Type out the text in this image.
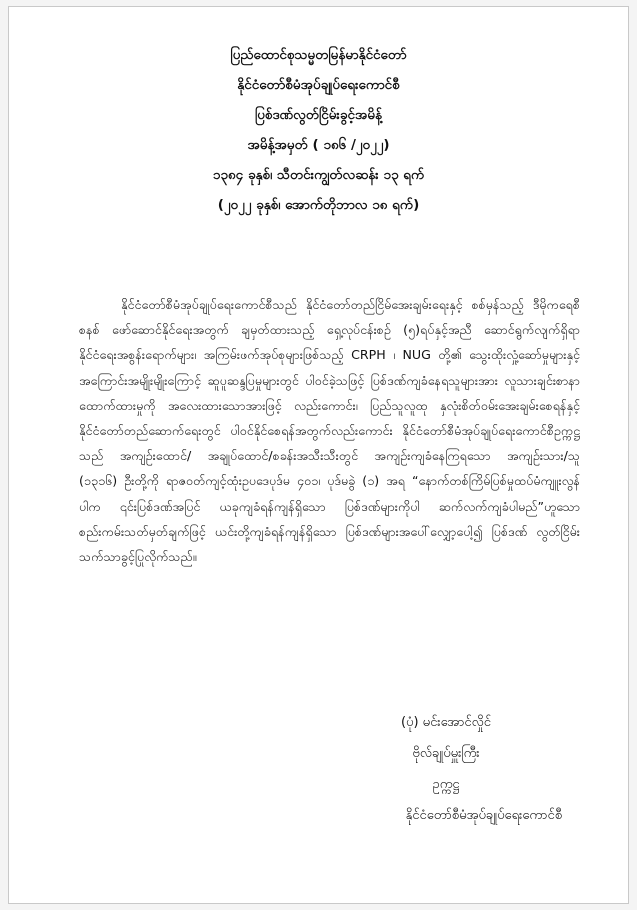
ပြည်ထောင်စုသမ္မတမြန်မာနိုင်ငံတော်
နိုင်ငံတော်စီမံအုပ်ချုပ်ရေးကောင်စီ
ပြစ်ဒဏ်လွတ်ငြိမ်းခွင့်အမိန့်
အမိန့်အမှတ် ( ၁၈၆ /၂၀၂၂)
၁၃၈၄ ခုနှစ်၊ သီတင်းကျွတ်လဆန်း ၁၃ ရက်
(၂၀၂၂ ခုနှစ်၊ အောက်တိုဘာလ ၁၈ ရက်)
နိုင်ငံတော်စီမံအုပ်ချုပ်ရေးကောင်စီသည် နိုင်ငံတော်တည်ငြိမ်အေးချမ်းရေးနှင့် စစ်မှန်သည့် ဒီမိုကရေစီစနစ် ဖော်ဆောင်နိုင်ရေးအတွက် ချမှတ်ထားသည့် ရှေ့လုပ်ငန်းစဉ် (၅)ရပ်နှင့်အညီ ဆောင်ရွက်လျက်ရှိရာ နိုင်ငံရေးအစွန်းရောက်များ၊ အကြမ်းဖက်အုပ်စုများဖြစ်သည့် CRPH ၊ NUG တို့၏ သွေးထိုးလှုံ့ဆော်မှုများနှင့် အကြောင်းအမျိုးမျိုးကြောင့် ဆူပူဆန္ဒပြမှုများတွင် ပါဝင်ခဲ့သဖြင့် ပြစ်ဒဏ်ကျခံနေရသူများအား လူသားချင်းစာနာထောက်ထားမှုကို အလေးထားသောအားဖြင့် လည်းကောင်း၊ ပြည်သူလူထု နှလုံးစိတ်ဝမ်းအေးချမ်းစေရန်နှင့် နိုင်ငံတော်တည်ဆောက်ရေးတွင် ပါဝင်နိုင်စေရန်အတွက်လည်းကောင်း နိုင်ငံတော်စီမံအုပ်ချုပ်ရေးကောင်စီဥက္ကဋ္ဌသည် အကျဉ်းထောင်/ အချုပ်ထောင်/စခန်းအသီးသီးတွင် အကျဉ်းကျခံနေကြရသော အကျဉ်းသား/သူ (၁၃၁၆) ဦးတို့ကို ရာဇဝတ်ကျင့်ထုံးဥပဒေပုဒ်မ ၄၀၁၊ ပုဒ်မခွဲ (၁) အရ “နောက်တစ်ကြိမ်ပြစ်မှုထပ်မံကျူးလွန်ပါက ၎င်းပြစ်ဒဏ်အပြင် ယခုကျခံရန်ကျန်ရှိသော ပြစ်ဒဏ်များကိုပါ ဆက်လက်ကျခံပါမည်”ဟူသော စည်းကမ်းသတ်မှတ်ချက်ဖြင့် ယင်းတို့ကျခံရန်ကျန်ရှိသော ပြစ်ဒဏ်များအပေါ်လျှော့ပေါ့၍ ပြစ်ဒဏ် လွတ်ငြိမ်းသက်သာခွင့်ပြုလိုက်သည်။
(ပုံ) မင်းအောင်လှိုင်
ဗိုလ်ချုပ်မှူးကြီး
ဥက္ကဋ္ဌ
နိုင်ငံတော်စီမံအုပ်ချုပ်ရေးကောင်စီ
